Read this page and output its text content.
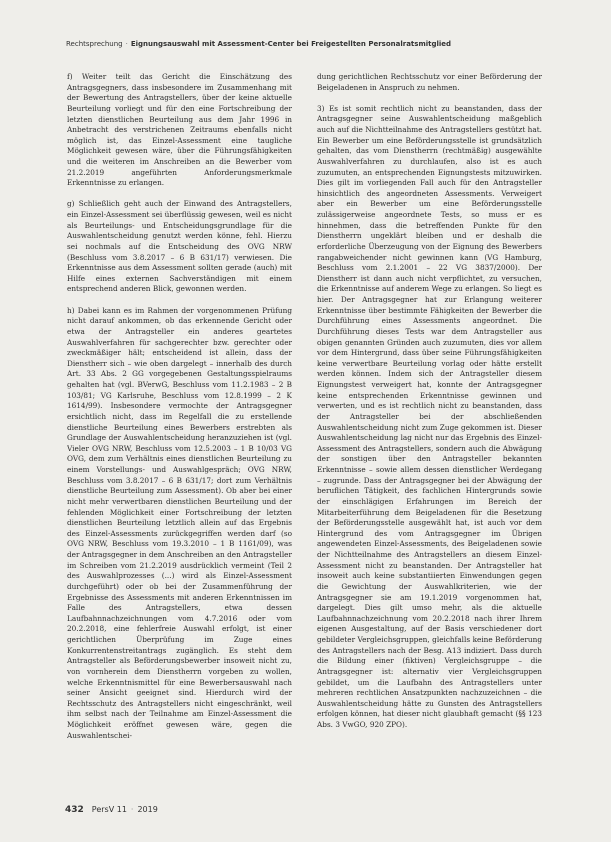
Rechtsprechung · Eignungsauswahl mit Assessment-Center bei Freigestellten Personalratsmitglied

f) Weiter teilt das Gericht die Einschätzung des Antragsgegners, dass insbesondere im Zusammenhang mit der Bewertung des Antragstellers, über der keine aktuelle Beurteilung vorliegt und für den eine Fortschreibung der letzten dienstlichen Beurteilung aus dem Jahr 1996 in Anbetracht des verstrichenen Zeitraums ebenfalls nicht möglich ist, das Einzel-Assessment eine taugliche Möglichkeit gewesen wäre, über die Führungsfähigkeiten und die weiteren im Anschreiben an die Bewerber vom 21.2.2019 angeführten Anforderungsmerkmale Erkenntnisse zu erlangen.

g) Schließlich geht auch der Einwand des Antragstellers, ein Einzel-Assessment sei überflüssig gewesen, weil es nicht als Beurteilungs- und Entscheidungsgrundlage für die Auswahlentscheidung genutzt werden könne, fehl. Hierzu sei nochmals auf die Entscheidung des OVG NRW (Beschluss vom 3.8.2017 – 6 B 631/17) verwiesen. Die Erkenntnisse aus dem Assessment sollten gerade (auch) mit Hilfe eines externen Sachverständigen mit einem entsprechend anderen Blick, gewonnen werden.

h) Dabei kann es im Rahmen der vorgenommenen Prüfung nicht darauf ankommen, ob das erkennende Gericht oder etwa der Antragsteller ein anderes geartetes Auswahlverfahren für sachgerechter bzw. gerechter oder zweckmäßiger hält; entscheidend ist allein, dass der Dienstherr sich – wie oben dargelegt – innerhalb des durch Art. 33 Abs. 2 GG vorgegebenen Gestaltungsspielraums gehalten hat (vgl. BVerwG, Beschluss vom 11.2.1983 – 2 B 103/81; VG Karlsruhe, Beschluss vom 12.8.1999 – 2 K 1614/99). Insbesondere vermochte der Antragsgegner ersichtlich nicht, dass im Regelfall die zu erstellende dienstliche Beurteilung eines Bewerbers erstrebten als Grundlage der Auswahlentscheidung heranzuziehen ist (vgl. Vieler OVG NRW, Beschluss vom 12.5.2003 – 1 B 10/03 VG OVG, dem zum Verhältnis eines dienstlichen Beurteilung zu einem Vorstellungs- und Auswahlgespräch; OVG NRW, Beschluss vom 3.8.2017 – 6 B 631/17; dort zum Verhältnis dienstliche Beurteilung zum Assessment). Ob aber bei einer nicht mehr verwertbaren dienstlichen Beurteilung und der fehlenden Möglichkeit einer Fortschreibung der letzten dienstlichen Beurteilung letztlich allein auf das Ergebnis des Einzel-Assessments zurückgegriffen werden darf (so OVG NRW, Beschluss vom 19.3.2010 – 1 B 1161/09), was der Antragsgegner in dem Anschreiben an den Antragsteller im Schreiben vom 21.2.2019 ausdrücklich vermeint (Teil 2 des Auswahlprozesses (...) wird als Einzel-Assessment durchgeführt) oder ob bei der Zusammenführung der Ergebnisse des Assessments mit anderen Erkenntnissen im Falle des Antragstellers, etwa dessen Laufbahnnachzeichnungen vom 4.7.2016 oder vom 20.2.2018, eine fehlerfreie Auswahl erfolgt, ist einer gerichtlichen Überprüfung im Zuge eines Konkurrentenstreitantrags zugänglich. Es steht dem Antragsteller als Beförderungsbewerber insoweit nicht zu, von vornherein dem Dienstherrn vorgeben zu wollen, welche Erkenntnismittel für eine Bewerbersauswahl nach seiner Ansicht geeignet sind. Hierdurch wird der Rechtsschutz des Antragstellers nicht eingeschränkt, weil ihm selbst nach der Teilnahme am Einzel-Assessment die Möglichkeit eröffnet gewesen wäre, gegen die Auswahlentschei-

dung gerichtlichen Rechtsschutz vor einer Beförderung der Beigeladenen in Anspruch zu nehmen.

3) Es ist somit rechtlich nicht zu beanstanden, dass der Antragsgegner seine Auswahlentscheidung maßgeblich auch auf die Nichtteilnahme des Antragstellers gestützt hat. Ein Bewerber um eine Beförderungsstelle ist grundsätzlich gehalten, das vom Dienstherrn (rechtmäßig) ausgewählte Auswahlverfahren zu durchlaufen, also ist es auch zuzumuten, an entsprechenden Eignungstests mitzuwirken. Dies gilt im vorliegenden Fall auch für den Antragsteller hinsichtlich des angeordneten Assessments. Verweigert aber ein Bewerber um eine Beförderungsstelle zulässigerweise angeordnete Tests, so muss er es hinnehmen, dass die betreffenden Punkte für den Dienstherrn ungeklärt bleiben und er deshalb die erforderliche Überzeugung von der Eignung des Bewerbers rangabweichender nicht gewinnen kann (VG Hamburg, Beschluss vom 2.1.2001 – 22 VG 3837/2000). Der Dienstherr ist dann auch nicht verpflichtet, zu versuchen, die Erkenntnisse auf anderem Wege zu erlangen. So liegt es hier. Der Antragsgegner hat zur Erlangung weiterer Erkenntnisse über bestimmte Fähigkeiten der Bewerber die Durchführung eines Assessments angeordnet. Die Durchführung dieses Tests war dem Antragsteller aus obigen genannten Gründen auch zuzumuten, dies vor allem vor dem Hintergrund, dass über seine Führungsfähigkeiten keine verwertbare Beurteilung vorlag oder hätte erstellt werden können. Indem sich der Antragsteller diesem Eignungstest verweigert hat, konnte der Antragsgegner keine entsprechenden Erkenntnisse gewinnen und verwerten, und es ist rechtlich nicht zu beanstanden, dass der Antragsteller bei der abschließenden Auswahlentscheidung nicht zum Zuge gekommen ist. Dieser Auswahlentscheidung lag nicht nur das Ergebnis des Einzel-Assessment des Antragstellers, sondern auch die Abwägung der sonstigen über den Antragsteller bekannten Erkenntnisse – sowie allem dessen dienstlicher Werdegang – zugrunde. Dass der Antragsgegner bei der Abwägung der beruflichen Tätigkeit, des fachlichen Hintergrunds sowie der einschlägigen Erfahrungen im Bereich der Mitarbeiterführung dem Beigeladenen für die Besetzung der Beförderungsstelle ausgewählt hat, ist auch vor dem Hintergrund des vom Antragsgegner im Übrigen angewendeten Einzel-Assessments, des Beigeladenen sowie der Nichtteilnahme des Antragstellers an diesem Einzel-Assessment nicht zu beanstanden. Der Antragsteller hat insoweit auch keine substantiierten Einwendungen gegen die Gewichtung der Auswahlkriterien, wie der Antragsgegner sie am 19.1.2019 vorgenommen hat, dargelegt. Dies gilt umso mehr, als die aktuelle Laufbahnnachzeichnung vom 20.2.2018 nach ihrer Ihrem eigenen Ausgestaltung, auf der Basis verschiedener dort gebildeter Vergleichsgruppen, gleichfalls keine Beförderung des Antragstellers nach der Besg. A13 indiziert. Dass durch die Bildung einer (fiktiven) Vergleichsgruppe – die Antragsgegner ist: alternativ vier Vergleichsgruppen gebildet, um die Laufbahn des Antragstellers unter mehreren rechtlichen Ansatzpunkten nachzuzeichnen – die Auswahlentscheidung hätte zu Gunsten des Antragstellers erfolgen können, hat dieser nicht glaubhaft gemacht (§§ 123 Abs. 3 VwGO, 920 ZPO).

432 PersV 11 · 2019
